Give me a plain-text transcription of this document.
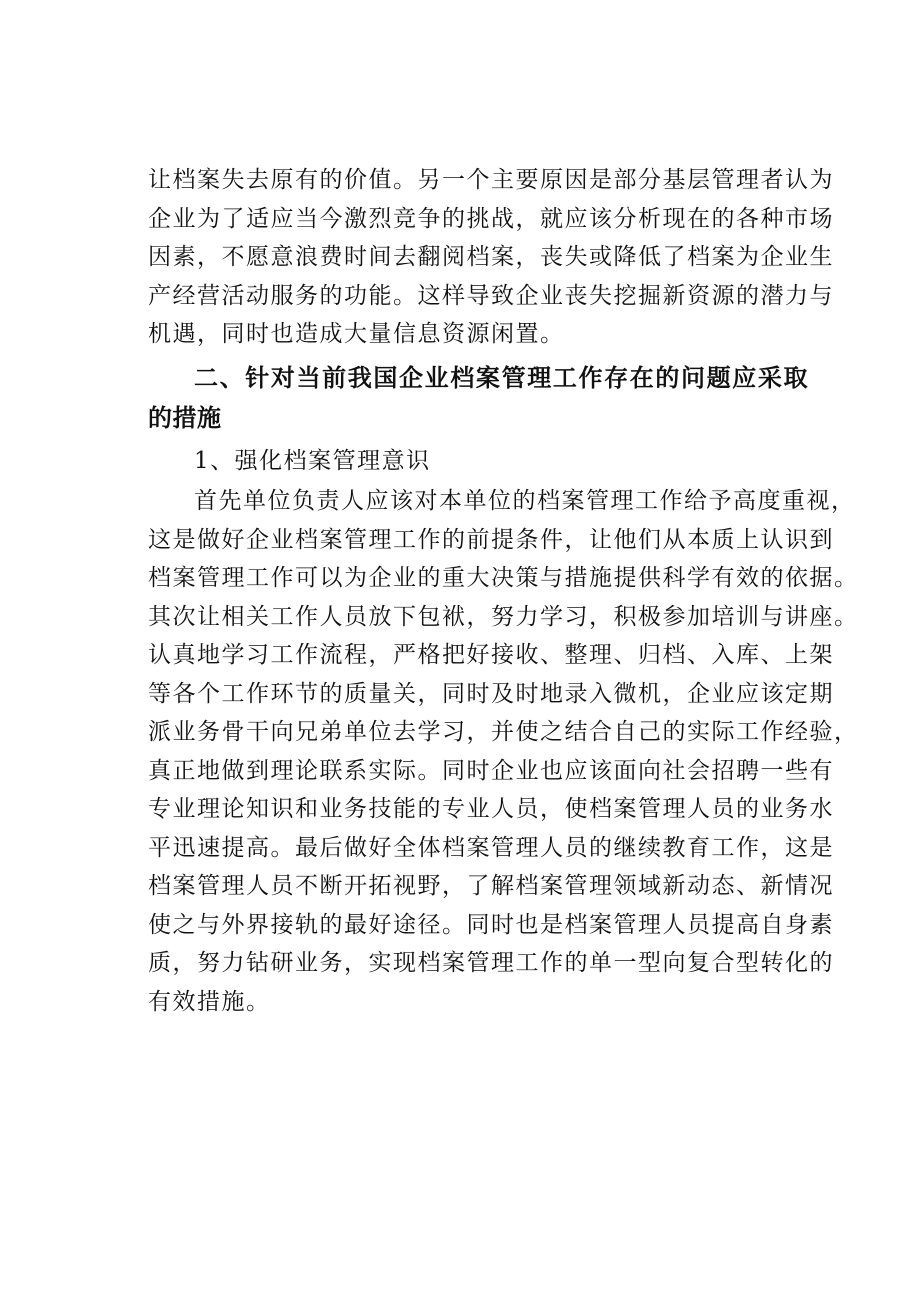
让档案失去原有的价值。另一个主要原因是部分基层管理者认为
企业为了适应当今激烈竞争的挑战，就应该分析现在的各种市场
因素，不愿意浪费时间去翻阅档案，丧失或降低了档案为企业生
产经营活动服务的功能。这样导致企业丧失挖掘新资源的潜力与
机遇，同时也造成大量信息资源闲置。
二、针对当前我国企业档案管理工作存在的问题应采取
的措施
1、强化档案管理意识
首先单位负责人应该对本单位的档案管理工作给予高度重视，
这是做好企业档案管理工作的前提条件，让他们从本质上认识到
档案管理工作可以为企业的重大决策与措施提供科学有效的依据。
其次让相关工作人员放下包袱，努力学习，积极参加培训与讲座。
认真地学习工作流程，严格把好接收、整理、归档、入库、上架
等各个工作环节的质量关，同时及时地录入微机，企业应该定期
派业务骨干向兄弟单位去学习，并使之结合自己的实际工作经验，
真正地做到理论联系实际。同时企业也应该面向社会招聘一些有
专业理论知识和业务技能的专业人员，使档案管理人员的业务水
平迅速提高。最后做好全体档案管理人员的继续教育工作，这是
档案管理人员不断开拓视野，了解档案管理领域新动态、新情况
使之与外界接轨的最好途径。同时也是档案管理人员提高自身素
质，努力钻研业务，实现档案管理工作的单一型向复合型转化的
有效措施。
